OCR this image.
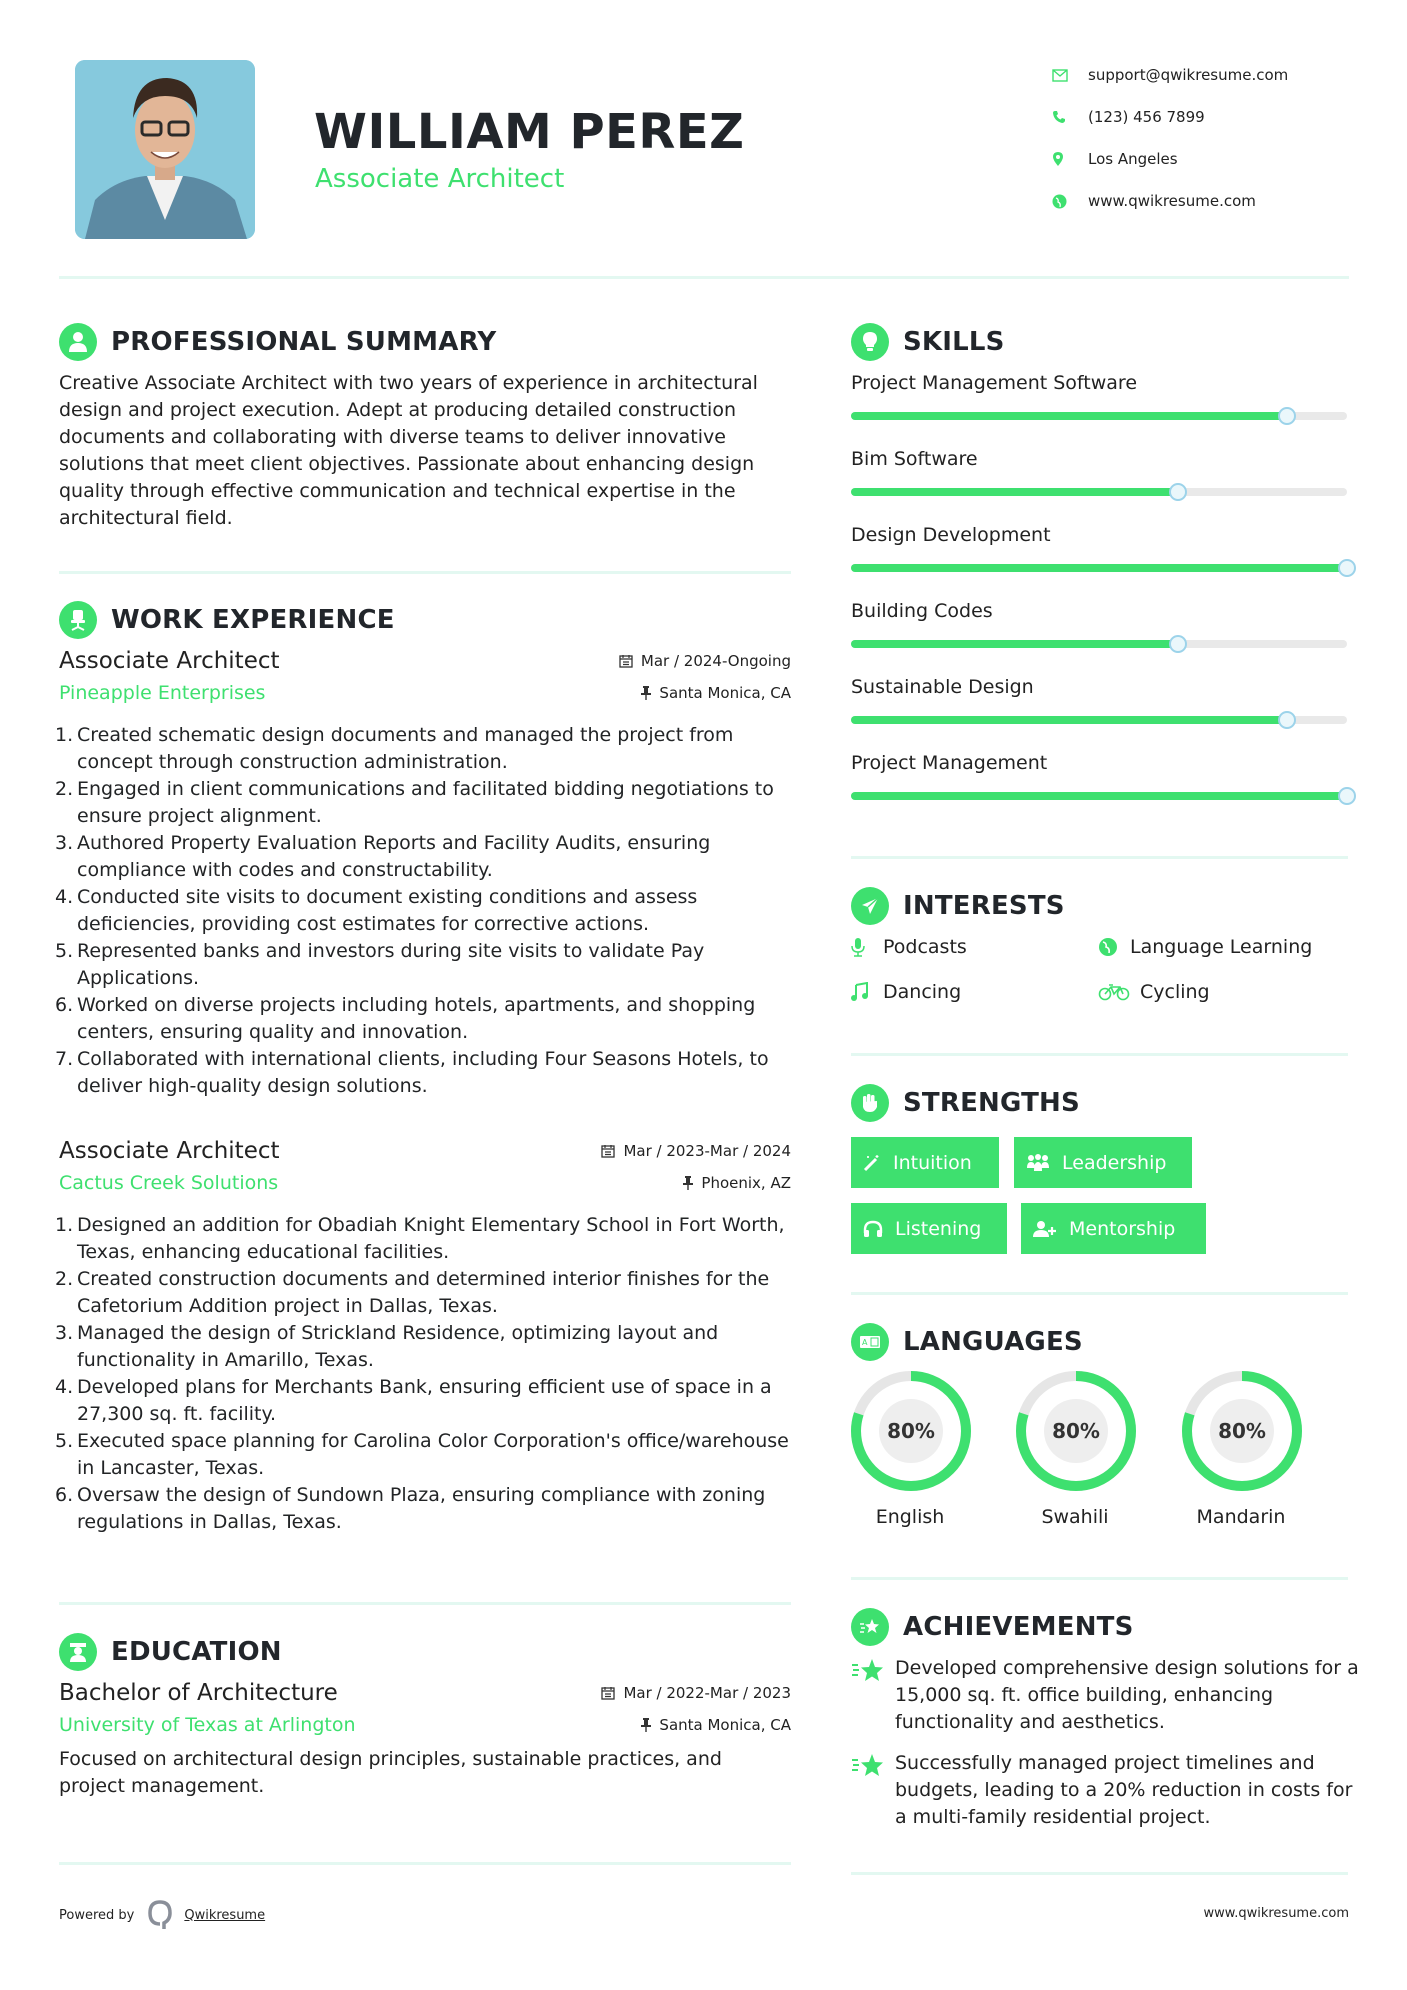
WILLIAM PEREZ
Associate Architect
support@qwikresume.com
(123) 456 7899
Los Angeles
www.qwikresume.com
PROFESSIONAL SUMMARY
Creative Associate Architect with two years of experience in architectural design and project execution. Adept at producing detailed construction documents and collaborating with diverse teams to deliver innovative solutions that meet client objectives. Passionate about enhancing design quality through effective communication and technical expertise in the architectural field.
WORK EXPERIENCE
Associate Architect	Mar / 2024-Ongoing
Pineapple Enterprises	Santa Monica, CA
1. Created schematic design documents and managed the project from concept through construction administration.
2. Engaged in client communications and facilitated bidding negotiations to ensure project alignment.
3. Authored Property Evaluation Reports and Facility Audits, ensuring compliance with codes and constructability.
4. Conducted site visits to document existing conditions and assess deficiencies, providing cost estimates for corrective actions.
5. Represented banks and investors during site visits to validate Pay Applications.
6. Worked on diverse projects including hotels, apartments, and shopping centers, ensuring quality and innovation.
7. Collaborated with international clients, including Four Seasons Hotels, to deliver high-quality design solutions.
Associate Architect	Mar / 2023-Mar / 2024
Cactus Creek Solutions	Phoenix, AZ
1. Designed an addition for Obadiah Knight Elementary School in Fort Worth, Texas, enhancing educational facilities.
2. Created construction documents and determined interior finishes for the Cafetorium Addition project in Dallas, Texas.
3. Managed the design of Strickland Residence, optimizing layout and functionality in Amarillo, Texas.
4. Developed plans for Merchants Bank, ensuring efficient use of space in a 27,300 sq. ft. facility.
5. Executed space planning for Carolina Color Corporation's office/warehouse in Lancaster, Texas.
6. Oversaw the design of Sundown Plaza, ensuring compliance with zoning regulations in Dallas, Texas.
EDUCATION
Bachelor of Architecture	Mar / 2022-Mar / 2023
University of Texas at Arlington	Santa Monica, CA
Focused on architectural design principles, sustainable practices, and project management.
SKILLS
Project Management Software
Bim Software
Design Development
Building Codes
Sustainable Design
Project Management
INTERESTS
Podcasts	Language Learning
Dancing	Cycling
STRENGTHS
Intuition	Leadership
Listening	Mentorship
A LANGUAGES
80%
English
80%
Swahili
80%
Mandarin
ACHIEVEMENTS
Developed comprehensive design solutions for a 15,000 sq. ft. office building, enhancing functionality and aesthetics.
Successfully managed project timelines and budgets, leading to a 20% reduction in costs for a multi-family residential project.
Powered by	Qwikresume	www.qwikresume.com
